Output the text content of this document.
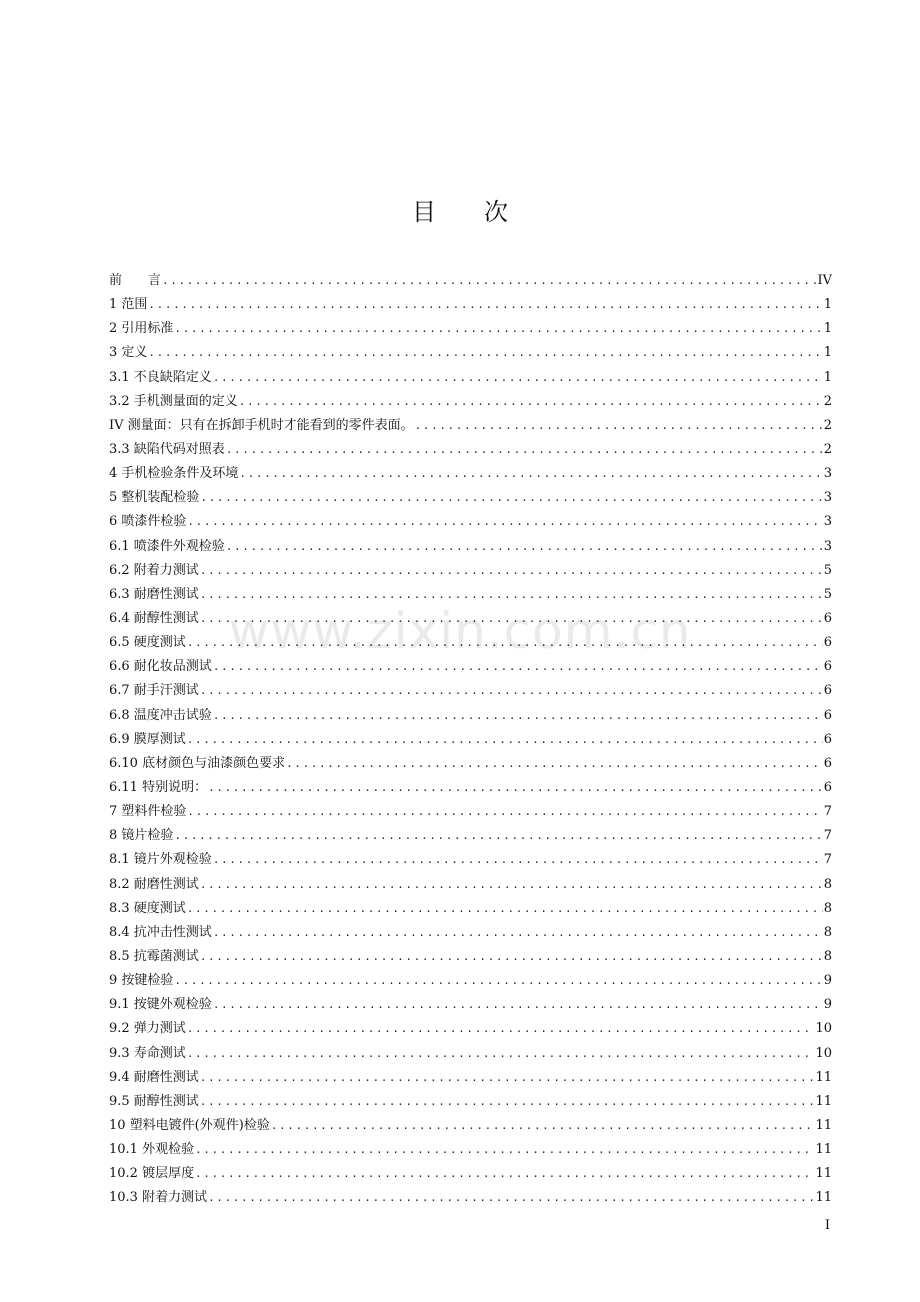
www.zixin.com.cn
目 次
前　　言 .....	IV
1 范围 .....	1
2 引用标准 .....	1
3 定义 .....	1
3.1 不良缺陷定义 .....	1
3.2 手机测量面的定义 .....	2
IV 测量面：只有在拆卸手机时才能看到的零件表面。 .....	2
3.3 缺陷代码对照表 .....	2
4 手机检验条件及环境 .....	3
5 整机装配检验 .....	3
6 喷漆件检验 .....	3
6.1 喷漆件外观检验 .....	3
6.2 附着力测试 .....	5
6.3 耐磨性测试 .....	5
6.4 耐醇性测试 .....	6
6.5 硬度测试 .....	6
6.6 耐化妆品测试 .....	6
6.7 耐手汗测试 .....	6
6.8 温度冲击试验 .....	6
6.9 膜厚测试 .....	6
6.10 底材颜色与油漆颜色要求 .....	6
6.11 特别说明： .....	6
7 塑料件检验 .....	7
8 镜片检验 .....	7
8.1 镜片外观检验 .....	7
8.2 耐磨性测试 .....	8
8.3 硬度测试 .....	8
8.4 抗冲击性测试 .....	8
8.5 抗霉菌测试 .....	8
9 按键检验 .....	9
9.1 按键外观检验 .....	9
9.2 弹力测试 .....	10
9.3 寿命测试 .....	10
9.4 耐磨性测试 .....	11
9.5 耐醇性测试 .....	11
10 塑料电镀件(外观件)检验 .....	11
10.1 外观检验 .....	11
10.2 镀层厚度 .....	11
10.3 附着力测试 .....	11
I
